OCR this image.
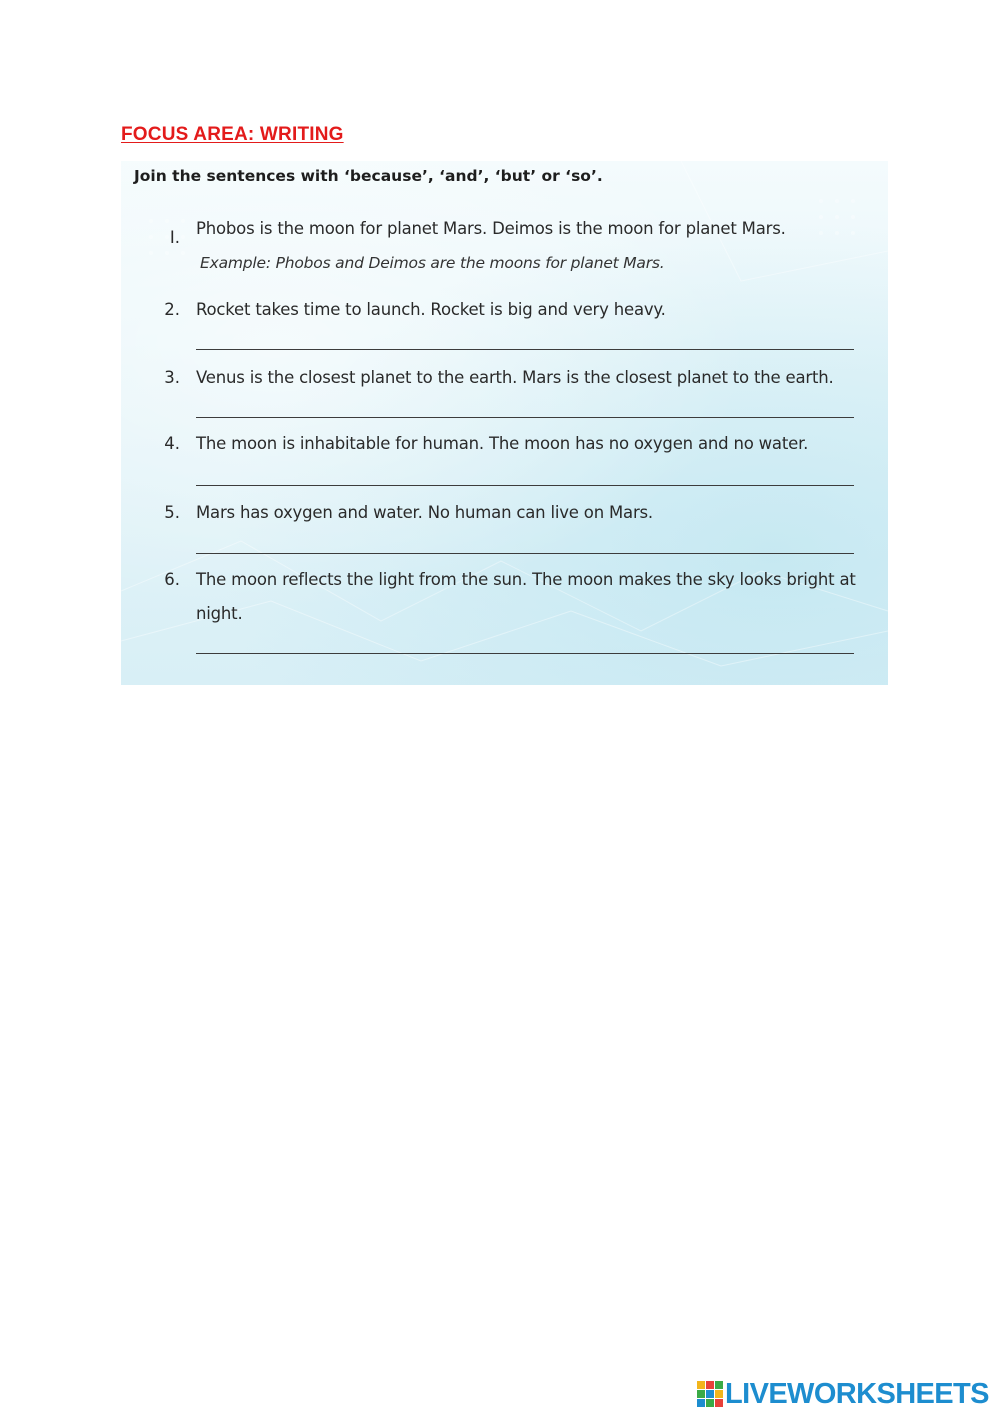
FOCUS AREA: WRITING

Join the sentences with ‘because’, ‘and’, ‘but’ or ‘so’.

I. Phobos is the moon for planet Mars. Deimos is the moon for planet Mars.
Example: Phobos and Deimos are the moons for planet Mars.
2. Rocket takes time to launch. Rocket is big and very heavy.
3. Venus is the closest planet to the earth. Mars is the closest planet to the earth.
4. The moon is inhabitable for human. The moon has no oxygen and no water.
5. Mars has oxygen and water. No human can live on Mars.
6. The moon reflects the light from the sun. The moon makes the sky looks bright at night.
LIVEWORKSHEETS
